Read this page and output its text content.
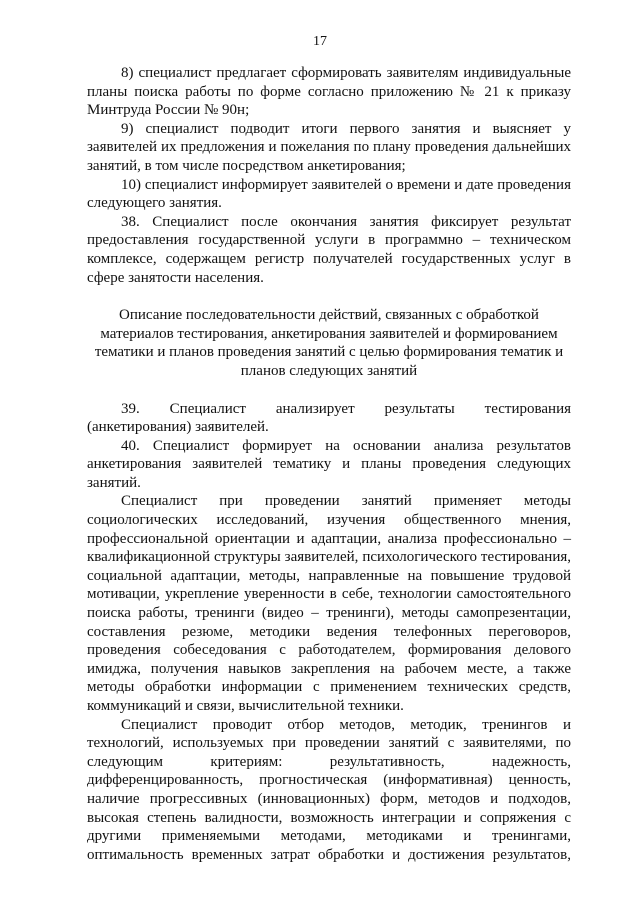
17

8) специалист предлагает сформировать заявителям индивидуальные планы поиска работы по форме согласно приложению № 21 к приказу Минтруда России № 90н;

9) специалист подводит итоги первого занятия и выясняет у заявителей их предложения и пожелания по плану проведения дальнейших занятий, в том числе посредством анкетирования;

10) специалист информирует заявителей о времени и дате проведения следующего занятия.

38. Специалист после окончания занятия фиксирует результат предоставления государственной услуги в программно – техническом комплексе, содержащем регистр получателей государственных услуг в сфере занятости населения.

Описание последовательности действий, связанных с обработкой материалов тестирования, анкетирования заявителей и формированием тематики и планов проведения занятий с целью формирования тематик и планов следующих занятий

39. Специалист анализирует результаты тестирования (анкетирования) заявителей.

40. Специалист формирует на основании анализа результатов анкетирования заявителей тематику и планы проведения следующих занятий.

Специалист при проведении занятий применяет методы социологических исследований, изучения общественного мнения, профессиональной ориентации и адаптации, анализа профессионально – квалификационной структуры заявителей, психологического тестирования, социальной адаптации, методы, направленные на повышение трудовой мотивации, укрепление уверенности в себе, технологии самостоятельного поиска работы, тренинги (видео – тренинги), методы самопрезентации, составления резюме, методики ведения телефонных переговоров, проведения собеседования с работодателем, формирования делового имиджа, получения навыков закрепления на рабочем месте, а также методы обработки информации с применением технических средств, коммуникаций и связи, вычислительной техники.

Специалист проводит отбор методов, методик, тренингов и технологий, используемых при проведении занятий с заявителями, по следующим критериям: результативность, надежность, дифференцированность, прогностическая (информативная) ценность, наличие прогрессивных (инновационных) форм, методов и подходов, высокая степень валидности, возможность интеграции и сопряжения с другими применяемыми методами, методиками и тренингами, оптимальность временных затрат обработки и достижения результатов,
